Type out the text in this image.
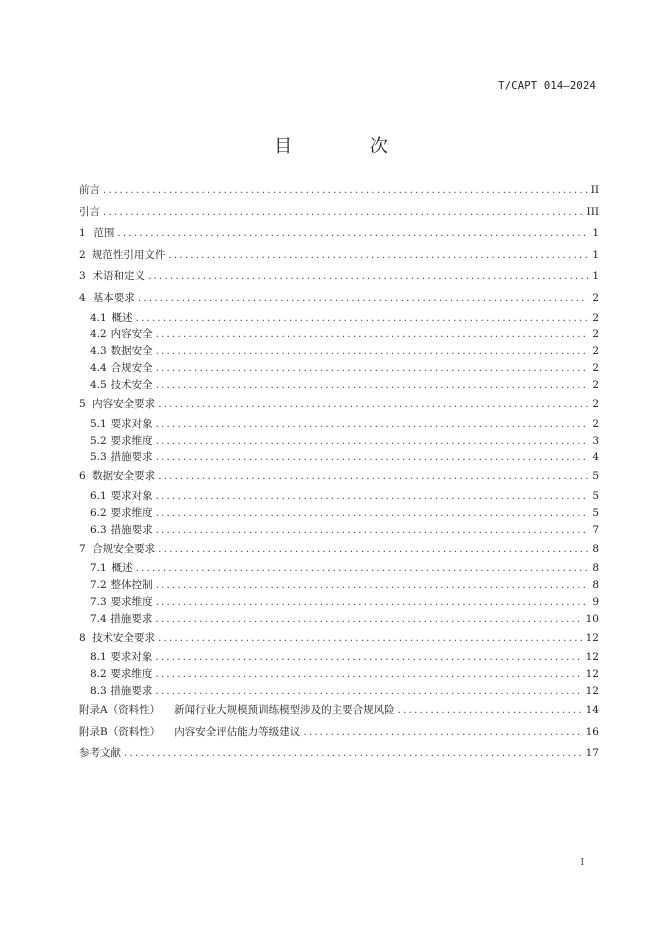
T/CAPT 014—2024
目 次
前言 . . .	II
引言 . . .	III
1 范围 . . .	1
2 规范性引用文件 . . .	1
3 术语和定义 . . .	1
4 基本要求 . . .	2
4.1 概述 . . .	2
4.2 内容安全 . . .	2
4.3 数据安全 . . .	2
4.4 合规安全 . . .	2
4.5 技术安全 . . .	2
5 内容安全要求 . . .	2
5.1 要求对象 . . .	2
5.2 要求维度 . . .	3
5.3 措施要求 . . .	4
6 数据安全要求 . . .	5
6.1 要求对象 . . .	5
6.2 要求维度 . . .	5
6.3 措施要求 . . .	7
7 合规安全要求 . . .	8
7.1 概述 . . .	8
7.2 整体控制 . . .	8
7.3 要求维度 . . .	9
7.4 措施要求 . . .	10
8 技术安全要求 . . .	12
8.1 要求对象 . . .	12
8.2 要求维度 . . .	12
8.3 措施要求 . . .	12
附录A（资料性） 新闻行业大规模预训练模型涉及的主要合规风险 . . .	14
附录B（资料性） 内容安全评估能力等级建议 . . .	16
参考文献 . . .	17
I
